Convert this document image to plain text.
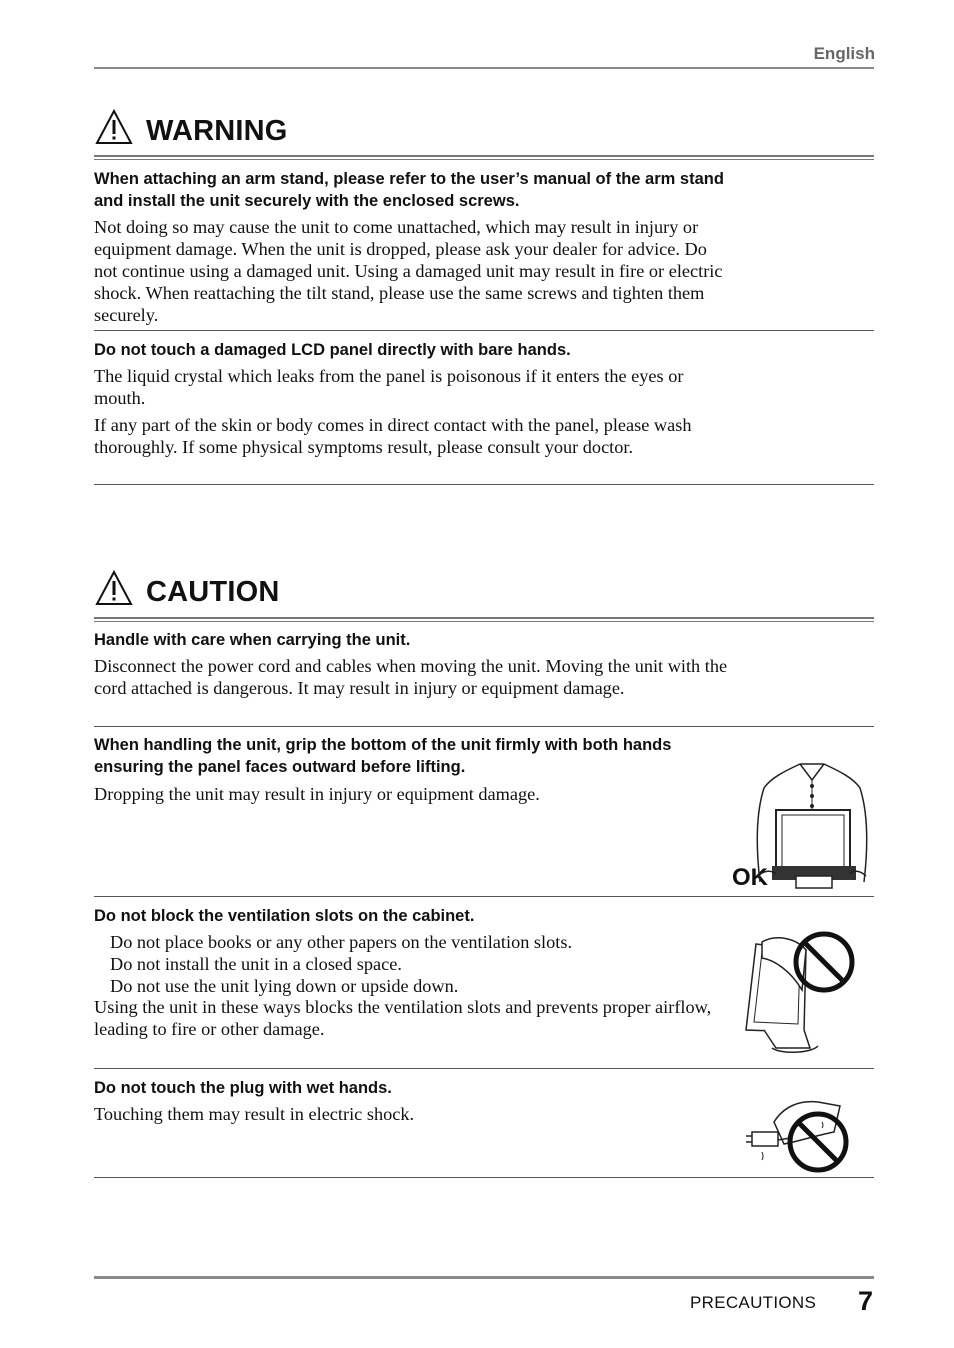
English
WARNING
When attaching an arm stand, please refer to the user’s manual of the arm stand and install the unit securely with the enclosed screws.
Not doing so may cause the unit to come unattached, which may result in injury or equipment damage. When the unit is dropped, please ask your dealer for advice. Do not continue using a damaged unit. Using a damaged unit may result in fire or electric shock. When reattaching the tilt stand, please use the same screws and tighten them securely.
Do not touch a damaged LCD panel directly with bare hands.
The liquid crystal which leaks from the panel is poisonous if it enters the eyes or mouth.
If any part of the skin or body comes in direct contact with the panel, please wash thoroughly. If some physical symptoms result, please consult your doctor.
CAUTION
Handle with care when carrying the unit.
Disconnect the power cord and cables when moving the unit. Moving the unit with the cord attached is dangerous. It may result in injury or equipment damage.
When handling the unit, grip the bottom of the unit firmly with both hands ensuring the panel faces outward before lifting.
Dropping the unit may result in injury or equipment damage.
OK
Do not block the ventilation slots on the cabinet.
Do not place books or any other papers on the ventilation slots.
Do not install the unit in a closed space.
Do not use the unit lying down or upside down.
Using the unit in these ways blocks the ventilation slots and prevents proper airflow, leading to fire or other damage.
Do not touch the plug with wet hands.
Touching them may result in electric shock.
PRECAUTIONS 7
